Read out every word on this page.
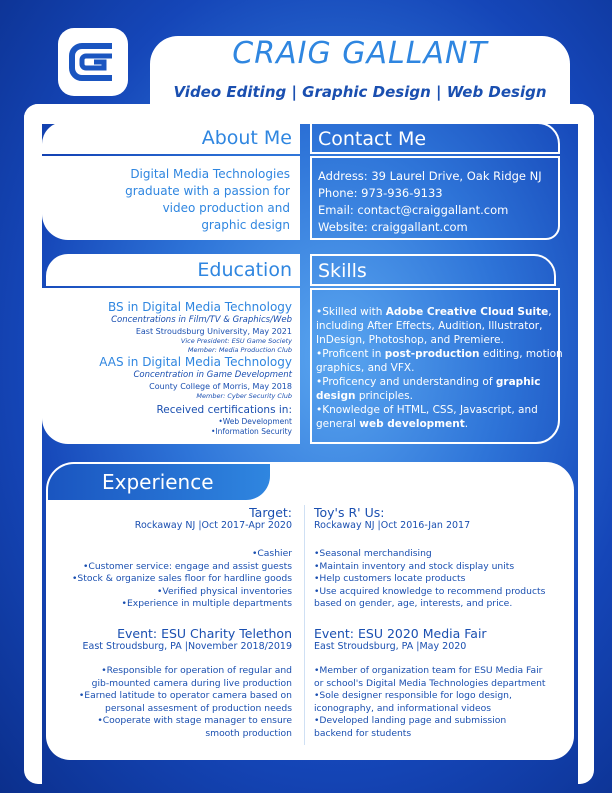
CRAIG GALLANT
Video Editing | Graphic Design | Web Design
About Me	Contact Me
Digital Media Technologies
graduate with a passion for
video production and
graphic design
Address: 39 Laurel Drive, Oak Ridge NJ
Phone: 973-936-9133
Email: contact@craiggallant.com
Website: craiggallant.com
Education	Skills
BS in Digital Media Technology
Concentrations in Film/TV & Graphics/Web
East Stroudsburg University, May 2021
Vice President: ESU Game Society
Member: Media Production Club
AAS in Digital Media Technology
Concentration in Game Development
County College of Morris, May 2018
Member: Cyber Security Club
Received certifications in:
•Web Development
•Information Security
•Skilled with Adobe Creative Cloud Suite, including After Effects, Audition, Illustrator, InDesign, Photoshop, and Premiere.
•Proficent in post-production editing, motion graphics, and VFX.
•Proficency and understanding of graphic design principles.
•Knowledge of HTML, CSS, Javascript, and general web development.
Experience
Target:
Rockaway NJ |Oct 2017-Apr 2020
•Cashier
•Customer service: engage and assist guests
•Stock & organize sales floor for hardline goods
•Verified physical inventories
•Experience in multiple departments
Toy's R' Us:
Rockaway NJ |Oct 2016-Jan 2017
•Seasonal merchandising
•Maintain inventory and stock display units
•Help customers locate products
•Use acquired knowledge to recommend products
based on gender, age, interests, and price.
Event: ESU Charity Telethon
East Stroudsburg, PA |November 2018/2019
•Responsible for operation of regular and
gib-mounted camera during live production
•Earned latitude to operator camera based on
personal assesment of production needs
•Cooperate with stage manager to ensure
smooth production
Event: ESU 2020 Media Fair
East Stroudsburg, PA |May 2020
•Member of organization team for ESU Media Fair
or school's Digital Media Technologies department
•Sole designer responsible for logo design,
iconography, and informational videos
•Developed landing page and submission
backend for students
